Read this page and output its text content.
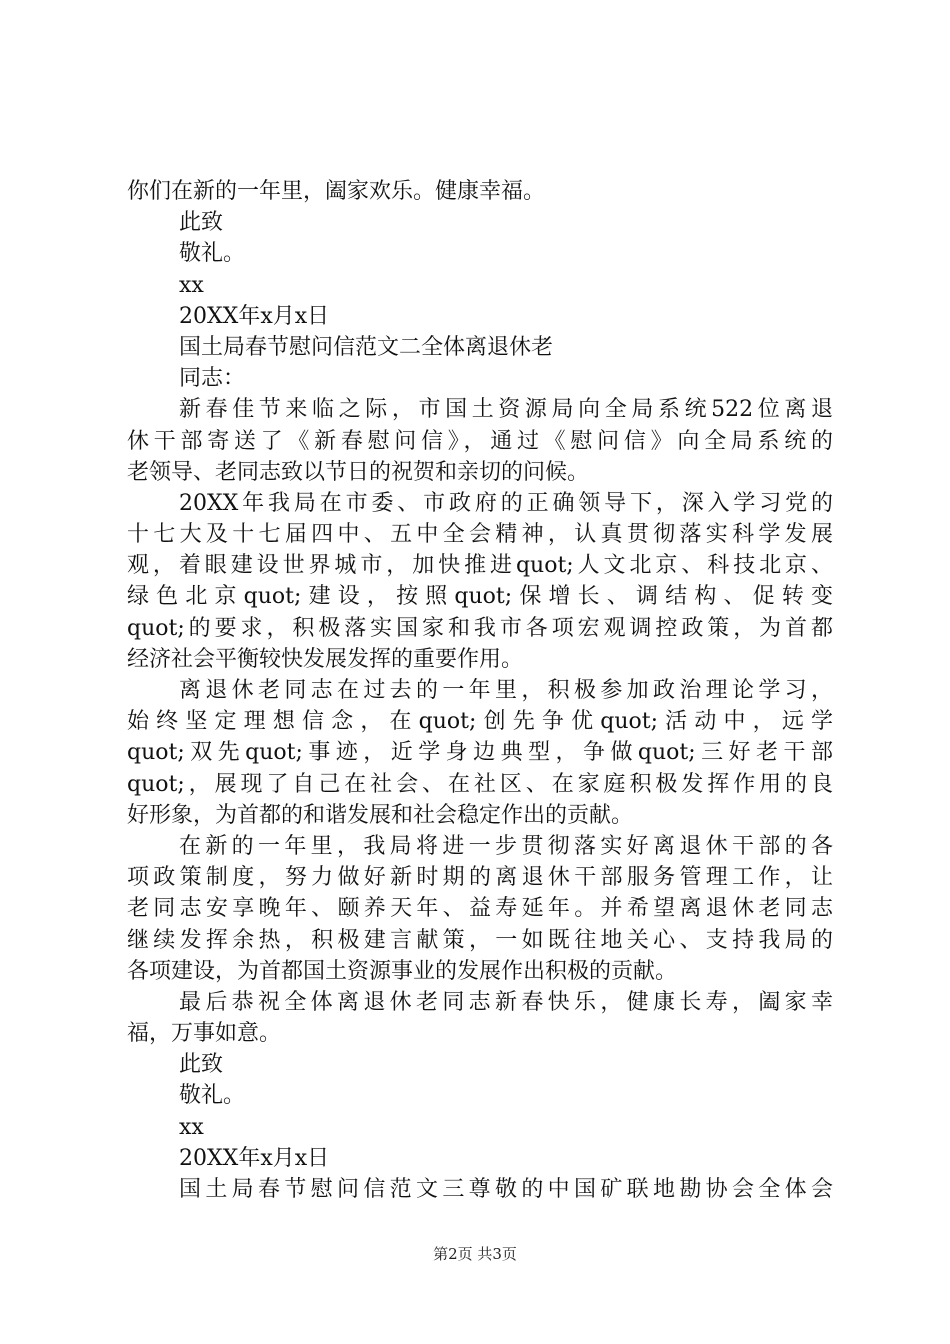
你们在新的一年里，阖家欢乐。健康幸福。
此致
敬礼。
xx
20XX年x月x日
国土局春节慰问信范文二全体离退休老
同志：
新春佳节来临之际，市国土资源局向全局系统522位离退
休干部寄送了《新春慰问信》，通过《慰问信》向全局系统的
老领导、老同志致以节日的祝贺和亲切的问候。
20XX年我局在市委、市政府的正确领导下，深入学习党的
十七大及十七届四中、五中全会精神，认真贯彻落实科学发展
观，着眼建设世界城市，加快推进quot;人文北京、科技北京、
绿色北京quot;建设，按照quot;保增长、调结构、促转变
quot;的要求，积极落实国家和我市各项宏观调控政策，为首都
经济社会平衡较快发展发挥的重要作用。
离退休老同志在过去的一年里，积极参加政治理论学习，
始终坚定理想信念，在quot;创先争优quot;活动中，远学
quot;双先quot;事迹，近学身边典型，争做quot;三好老干部
quot;，展现了自己在社会、在社区、在家庭积极发挥作用的良
好形象，为首都的和谐发展和社会稳定作出的贡献。
在新的一年里，我局将进一步贯彻落实好离退休干部的各
项政策制度，努力做好新时期的离退休干部服务管理工作，让
老同志安享晚年、颐养天年、益寿延年。并希望离退休老同志
继续发挥余热，积极建言献策，一如既往地关心、支持我局的
各项建设，为首都国土资源事业的发展作出积极的贡献。
最后恭祝全体离退休老同志新春快乐，健康长寿，阖家幸
福，万事如意。
此致
敬礼。
xx
20XX年x月x日
国土局春节慰问信范文三尊敬的中国矿联地勘协会全体会
第2页 共3页
